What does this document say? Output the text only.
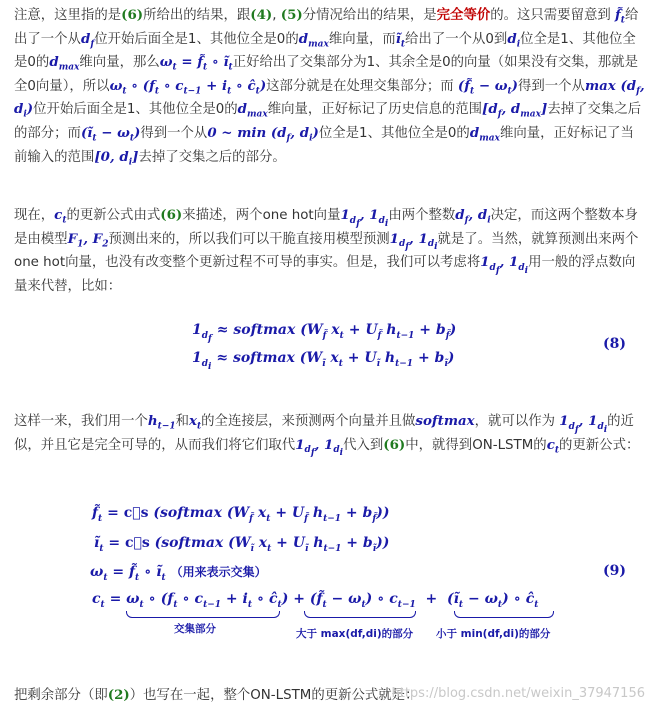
注意，这里指的是(6)所给出的结果，跟(4), (5)分情况给出的结果，是完全等价的。这只需要留意到 $f̃_t$给出了一个从$d_f$位开始后面全是1、其他位全是0的$d_{max}$维向量，而$ĩ_t$给出了一个从0到$d_i$位全是1、其他位全是0的$d_{max}$维向量，那么$\omega_t$ = $f̃_t$ ∘ $ĩ_t$正好给出了交集部分为1、其余全是0的向量（如果没有交集，那就是全0向量），所以$\omega_t$ ∘ ($f_t$ ∘ $c_{t-1} + i_t$ ∘ $ĉ_t$)这部分就是在处理交集部分；而 $(f̃_t - \omega_t)$得到一个从$\max (d_f$, $d_i$)位开始后面全是1、其他位全是0的$d_{max}$维向量，正好标记了历史信息的范围[$d_f$, $d_{max}$]去掉了交集之后的部分；而$(ĩ_t - \omega_t)$得到一个从0 ~ $\min (d_f$, $d_i$)位全是1、其他位全是0的$d_{max}$维向量，正好标记了当前输入的范围[0, $d_i$]去掉了交集之后的部分。

现在，$c_t$的更新公式由式(6)来描述，两个one hot向量$1_{d_f}$, $1_{d_i}$由两个整数$d_f$, $d_i$决定，而这两个整数本身是由模型$F_1$, $F_2$预测出来的，所以我们可以干脆直接用模型预测$1_{d_f}$, $1_{d_i}$就是了。当然，就算预测出来两个one hot向量，也没有改变整个更新过程不可导的事实。但是，我们可以考虑将$1_{d_f}$, $1_{d_i}$用一般的浮点数向量来代替，比如：

$1_{d_f}$ ≈ softmax ($W_{f̃}$ $x_t + U_{f̃}$ $h_{t-1} + b_{f̃}$)
$1_{d_i}$ ≈ softmax ($W_ĩ$ $x_t + U_ĩ$ $h_{t-1} + b_ĩ$)
(8)

这样一来，我们用一个$h_{t-1}$和$x_t$的全连接层，来预测两个向量并且做softmax，就可以作为 $1_{d_f}$, $1_{d_i}$的近似，并且它是完全可导的，从而我们将它们取代$1_{d_f}$, $1_{d_i}$代入到(6)中，就得到ON-LSTM的$c_t$的更新公式：

$f̃_t$ = c⃗s (softmax ($W_{f̃}$ $x_t + U_{f̃}$ $h_{t-1} + b_{f̃}$))
$ĩ_t$ = c⃖s (softmax ($W_ĩ$ $x_t + U_ĩ$ $h_{t-1} + b_ĩ$))
$\omega_t$ = $f̃_t$ ∘ $ĩ_t$ （用来表示交集）
$c_t = \omega_t$ ∘ ($f_t$ ∘ $c_{t-1} + i_t$ ∘ $ĉ_t$) + $(f̃_t - \omega_t)$ ∘ $c_{t-1}$  +  $(ĩ_t - \omega_t)$ ∘ $ĉ_t$
交集部分	大于 max(df,di)的部分 小于 min(df,di)的部分
(9)

把剩余部分（即(2)）也写在一起，整个ON-LSTM的更新公式就是：

https://blog.csdn.net/weixin_37947156
